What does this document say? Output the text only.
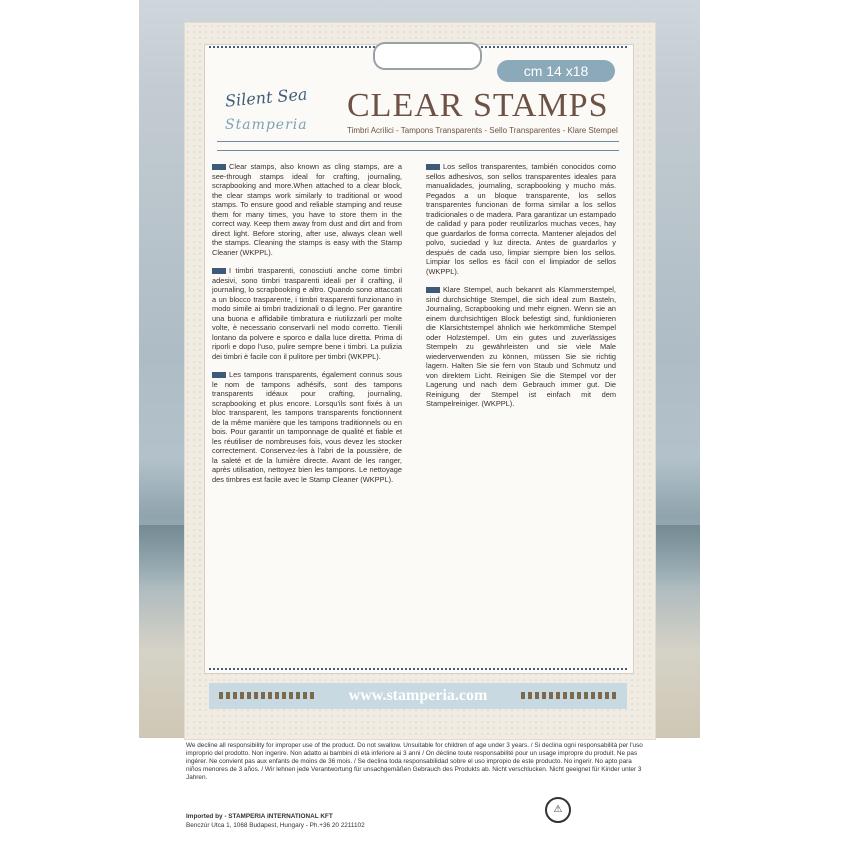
cm 14 x18
Silent Sea
Stamperia
CLEAR STAMPS
Timbri Acrilici - Tampons Transparents - Sello Transparentes - Klare Stempel

Clear stamps, also known as cling stamps, are a see-through stamps ideal for crafting, journaling, scrapbooking and more.When attached to a clear block, the clear stamps work similarly to traditional or wood stamps. To ensure good and reliable stamping and reuse them for many times, you have to store them in the correct way. Keep them away from dust and dirt and from direct light. Before storing, after use, always clean well the stamps. Cleaning the stamps is easy with the Stamp Cleaner (WKPPL).

I timbri trasparenti, conosciuti anche come timbri adesivi, sono timbri trasparenti ideali per il crafting, il journaling, lo scrapbooking e altro. Quando sono attaccati a un blocco trasparente, i timbri trasparenti funzionano in modo simile ai timbri tradizionali o di legno. Per garantire una buona e affidabile timbratura e riutilizzarli per molte volte, è necessario conservarli nel modo corretto. Tienili lontano da polvere e sporco e dalla luce diretta. Prima di riporli e dopo l'uso, pulire sempre bene i timbri. La pulizia dei timbri è facile con il pulitore per timbri (WKPPL).

Les tampons transparents, également connus sous le nom de tampons adhésifs, sont des tampons transparents idéaux pour crafting, journaling, scrapbooking et plus encore. Lorsqu'ils sont fixés à un bloc transparent, les tampons transparents fonctionnent de la même manière que les tampons traditionnels ou en bois. Pour garantir un tamponnage de qualité et fiable et les réutiliser de nombreuses fois, vous devez les stocker correctement. Conservez-les à l'abri de la poussière, de la saleté et de la lumière directe. Avant de les ranger, après utilisation, nettoyez bien les tampons. Le nettoyage des timbres est facile avec le Stamp Cleaner (WKPPL).

Los sellos transparentes, también conocidos como sellos adhesivos, son sellos transparentes ideales para manualidades, journaling, scrapbooking y mucho más. Pegados a un bloque transparente, los sellos transparentes funcionan de forma similar a los sellos tradicionales o de madera. Para garantizar un estampado de calidad y para poder reutilizarlos muchas veces, hay que guardarlos de forma correcta. Mantener alejados del polvo, suciedad y luz directa. Antes de guardarlos y después de cada uso, limpiar siempre bien los sellos. Limpiar los sellos es fácil con el limpiador de sellos (WKPPL).

Klare Stempel, auch bekannt als Klammerstempel, sind durchsichtige Stempel, die sich ideal zum Basteln, Journaling, Scrapbooking und mehr eignen. Wenn sie an einem durchsichtigen Block befestigt sind, funktionieren die Klarsichtstempel ähnlich wie herkömmliche Stempel oder Holzstempel. Um ein gutes und zuverlässiges Stempeln zu gewährleisten und sie viele Male wiederverwenden zu können, müssen Sie sie richtig lagern. Halten Sie sie fern von Staub und Schmutz und von direktem Licht. Reinigen Sie die Stempel vor der Lagerung und nach dem Gebrauch immer gut. Die Reinigung der Stempel ist einfach mit dem Stampelreiniger. (WKPPL).

www.stamperia.com
We decline all responsibility for improper use of the product. Do not swallow. Unsuitable for children of age under 3 years. / Si declina ogni responsabilità per l'uso improprio del prodotto. Non ingerire. Non adatto ai bambini di età inferiore ai 3 anni / On décline toute responsabilité pour un usage impropre du produit. Ne pas ingérer. Ne convient pas aux enfants de moins de 36 mois. / Se declina toda responsabilidad sobre el uso impropio de este producto. No ingerir. No apto para niños menores de 3 años. / Wir lehnen jede Verantwortung für unsachgemäßen Gebrauch des Produkts ab. Nicht verschlucken. Nicht geeignet für Kinder unter 3 Jahren.
Imported by - STAMPERIA INTERNATIONAL KFT
Benczúr Utca 1, 1068 Budapest, Hungary - Ph.+36 20 2211102
⚠
